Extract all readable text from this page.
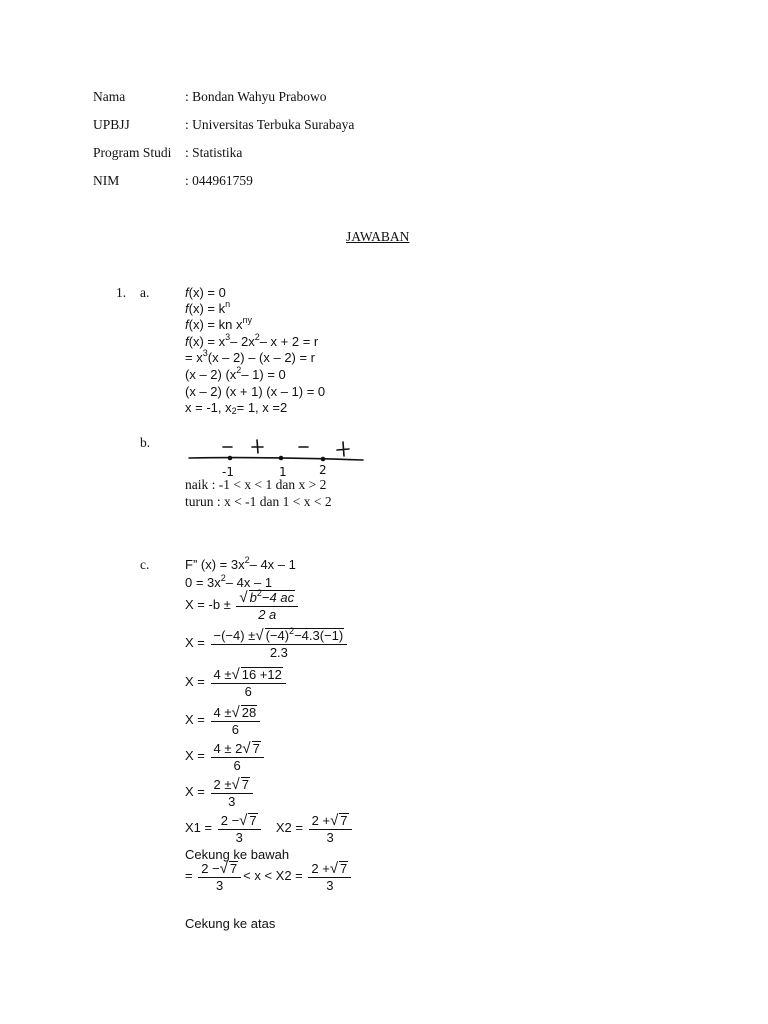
Nama	: Bondan Wahyu Prabowo
UPBJJ	: Universitas Terbuka Surabaya
Program Studi : Statistika
NIM	: 044961759
JAWABAN
1. a.	f(x) = 0
$f(x) = k^n$
f(x) = kn $x^{ny}$
$f(x) = x^3-$ $2x^2-$ x + 2 = r
= $x^3(x - 2) - (x - 2) = r$
(x – 2) ($x^2-$ 1) = 0
(x – 2) (x + 1) (x – 1) = 0
x = -1, $x_2= 1$, x =2
b.
-1	1	2
–	+	–	+
naik : -1 < x < 1 dan x > 2
turun : x < -1 dan 1 < x < 2
c.	F” $(x) = 3x^2-$ 4x – 1
$0 = 3x^2-$ 4x – 1
$X = -b \pm \frac{√ b^2-4 ac}{2 a}$
$X = \frac{-(-4) \pm√ (-4)^2-4.3(-1)}{2.3}$
$X = \frac{4 \pm√ 16 +12}{6}$
$X = \frac{4 \pm√ 28}{6}$
$X = \frac{4 \pm 2√ 7}{6}$
$X = \frac{2 \pm√ 7}{3}$
$X1 = \frac{2 -√ 7}{3} X2 = \frac{2 +√ 7}{3}$
Cekung ke bawah
= $\frac{2 -√ 7}{3} < x < X2 = \frac{2 +√ 7}{3}$
Cekung ke atas
